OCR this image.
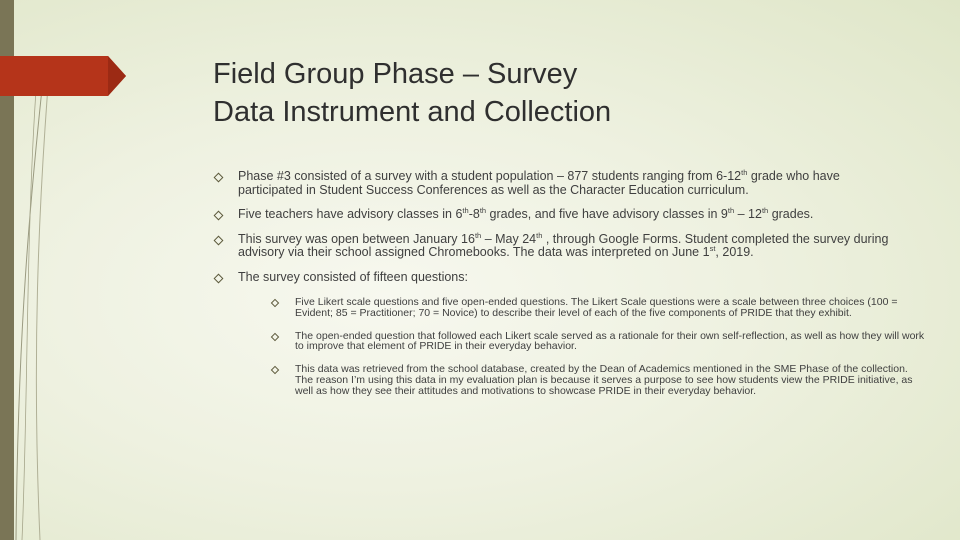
Field Group Phase – Survey
Data Instrument and Collection
Phase #3 consisted of a survey with a student population – 877 students ranging from 6-12th grade who have participated in Student Success Conferences as well as the Character Education curriculum.
Five teachers have advisory classes in 6th-8th grades, and five have advisory classes in 9th – 12th grades.
This survey was open between January 16th – May 24th , through Google Forms. Student completed the survey during advisory via their school assigned Chromebooks. The data was interpreted on June 1st, 2019.
The survey consisted of fifteen questions:
Five Likert scale questions and five open-ended questions. The Likert Scale questions were a scale between three choices (100 = Evident; 85 = Practitioner; 70 = Novice) to describe their level of each of the five components of PRIDE that they exhibit.
The open-ended question that followed each Likert scale served as a rationale for their own self-reflection, as well as how they will work to improve that element of PRIDE in their everyday behavior.
This data was retrieved from the school database, created by the Dean of Academics mentioned in the SME Phase of the collection. The reason I’m using this data in my evaluation plan is because it serves a purpose to see how students view the PRIDE initiative, as well as how they see their attitudes and motivations to showcase PRIDE in their everyday behavior.
